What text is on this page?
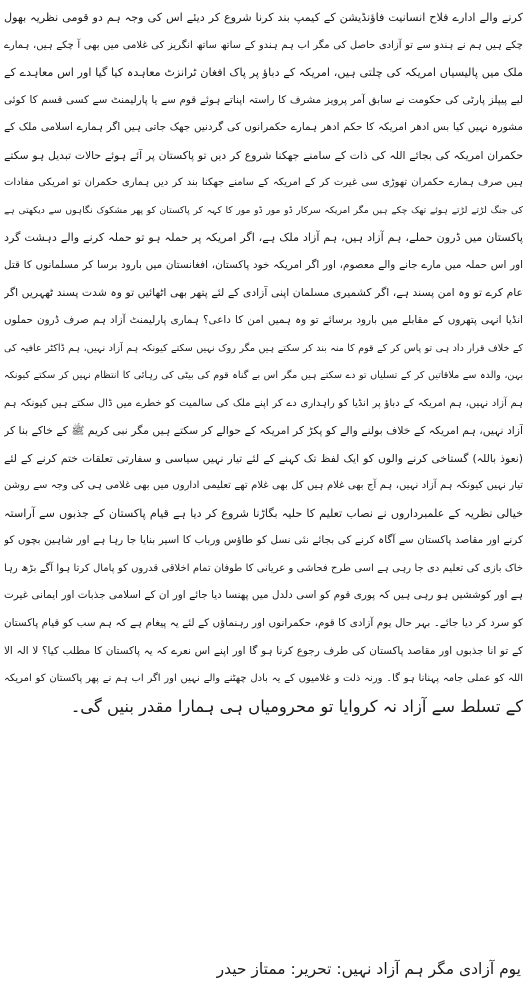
کرنے والے ادارے فلاح انسانیت فاؤنڈیشن کے کیمپ بند کرنا شروع کر دیئے اس کی وجہ ہم دو قومی نظریہ بھول
چکے ہیں ہم نے ہندو سے تو آزادی حاصل کی مگر اب ہم ہندو کے ساتھ ساتھ انگریز کی غلامی میں بھی آ چکے ہیں، ہمارے
ملک میں پالیسیاں امریکہ کی چلتی ہیں، امریکہ کے دباؤ پر پاک افغان ٹرانزٹ معاہدہ کیا گیا اور اس معاہدے کے
لیے پیپلز پارٹی کی حکومت نے سابق آمر پرویز مشرف کا راستہ اپناتے ہوئے قوم سے یا پارلیمنٹ سے کسی قسم کا کوئی
مشورہ نہیں کیا بس ادھر امریکہ کا حکم ادھر ہمارے حکمرانوں کی گردنیں جھک جاتی ہیں اگر ہمارے اسلامی ملک کے
حکمران امریکہ کی بجائے اللہ کی ذات کے سامنے جھکنا شروع کر دیں تو پاکستان پر آئے ہوئے حالات تبدیل ہو سکتے
ہیں صرف ہمارے حکمران تھوڑی سی غیرت کر کے امریکہ کے سامنے جھکنا بند کر دیں ہماری حکمران تو امریکی مفادات
کی جنگ لڑتے لڑتے ہوئے تھک چکے ہیں مگر امریکہ سرکار ڈو مور ڈو مور کا کہہ کر پاکستان کو پھر مشکوک نگاہوں سے دیکھتی ہے
پاکستان میں ڈرون حملے، ہم آزاد ہیں، ہم آزاد ملک ہے، اگر امریکہ پر حملہ ہو تو حملہ کرنے والے دہشت گرد
اور اس حملہ میں مارے جانے والے معصوم، اور اگر امریکہ خود پاکستان، افغانستان میں بارود برسا کر مسلمانوں کا قتل
عام کرے تو وہ امن پسند ہے، اگر کشمیری مسلمان اپنی آزادی کے لئے پتھر بھی اٹھائیں تو وہ شدت پسند ٹھہریں اگر
انڈیا انہی پتھروں کے مقابلے میں بارود برسائے تو وہ ہمیں امن کا داعی؟ ہماری پارلیمنٹ آزاد ہم صرف ڈرون حملوں
کے خلاف قرار داد ہی تو پاس کر کے قوم کا منہ بند کر سکتے ہیں مگر روک نہیں سکتے کیونکہ ہم آزاد نہیں، ہم ڈاکٹر عافیہ کی
بہن، والدہ سے ملاقاتیں کر کے تسلیاں تو دے سکتے ہیں مگر اس بے گناہ قوم کی بیٹی کی رہائی کا انتظام نہیں کر سکتے کیونکہ
ہم آزاد نہیں، ہم امریکہ کے دباؤ پر انڈیا کو راہداری دے کر اپنے ملک کی سالمیت کو خطرے میں ڈال سکتے ہیں کیونکہ ہم
آزاد نہیں، ہم امریکہ کے خلاف بولنے والے کو پکڑ کر امریکہ کے حوالے کر سکتے ہیں مگر نبی کریم ﷺ کے خاکے بنا کر
(نعوذ باللہ) گستاخی کرنے والوں کو ایک لفظ تک کہنے کے لئے تیار نہیں سیاسی و سفارتی تعلقات ختم کرنے کے لئے
تیار نہیں کیونکہ ہم آزاد نہیں، ہم آج بھی غلام ہیں کل بھی غلام تھے تعلیمی اداروں میں بھی غلامی ہی کی وجہ سے روشن
خیالی نظریہ کے علمبرداروں نے نصاب تعلیم کا حلیہ بگاڑنا شروع کر دیا ہے قیام پاکستان کے جذبوں سے آراستہ
کرنے اور مقاصد پاکستان سے آگاہ کرنے کی بجائے نئی نسل کو طاؤس ورباب کا اسیر بنایا جا رہا ہے اور شاہین بچوں کو
خاک بازی کی تعلیم دی جا رہی ہے اسی طرح فحاشی و عریانی کا طوفان تمام اخلاقی قدروں کو پامال کرتا ہوا آگے بڑھ رہا
ہے اور کوششیں ہو رہی ہیں کہ پوری قوم کو اسی دلدل میں پھنسا دیا جائے اور ان کے اسلامی جذبات اور ایمانی غیرت
کو سرد کر دیا جائے۔ بہر حال یوم آزادی کا قوم، حکمرانوں اور رہنماؤں کے لئے یہ پیغام ہے کہ ہم سب کو قیام پاکستان
کے تو انا جذبوں اور مقاصد پاکستان کی طرف رجوع کرنا ہو گا اور اپنے اس نعرے کہ یہ پاکستان کا مطلب کیا؟ لا الہ الا
اللہ کو عملی جامہ پہنانا ہو گا۔ ورنہ ذلت و غلامیوں کے یہ بادل چھٹنے والے نہیں اور اگر اب ہم نے پھر پاکستان کو امریکہ
کے تسلط سے آزاد نہ کروایا تو محرومیاں ہی ہمارا مقدر بنیں گی۔
یوم آزادی مگر ہم آزاد نہیں: تحریر: ممتاز حیدر
